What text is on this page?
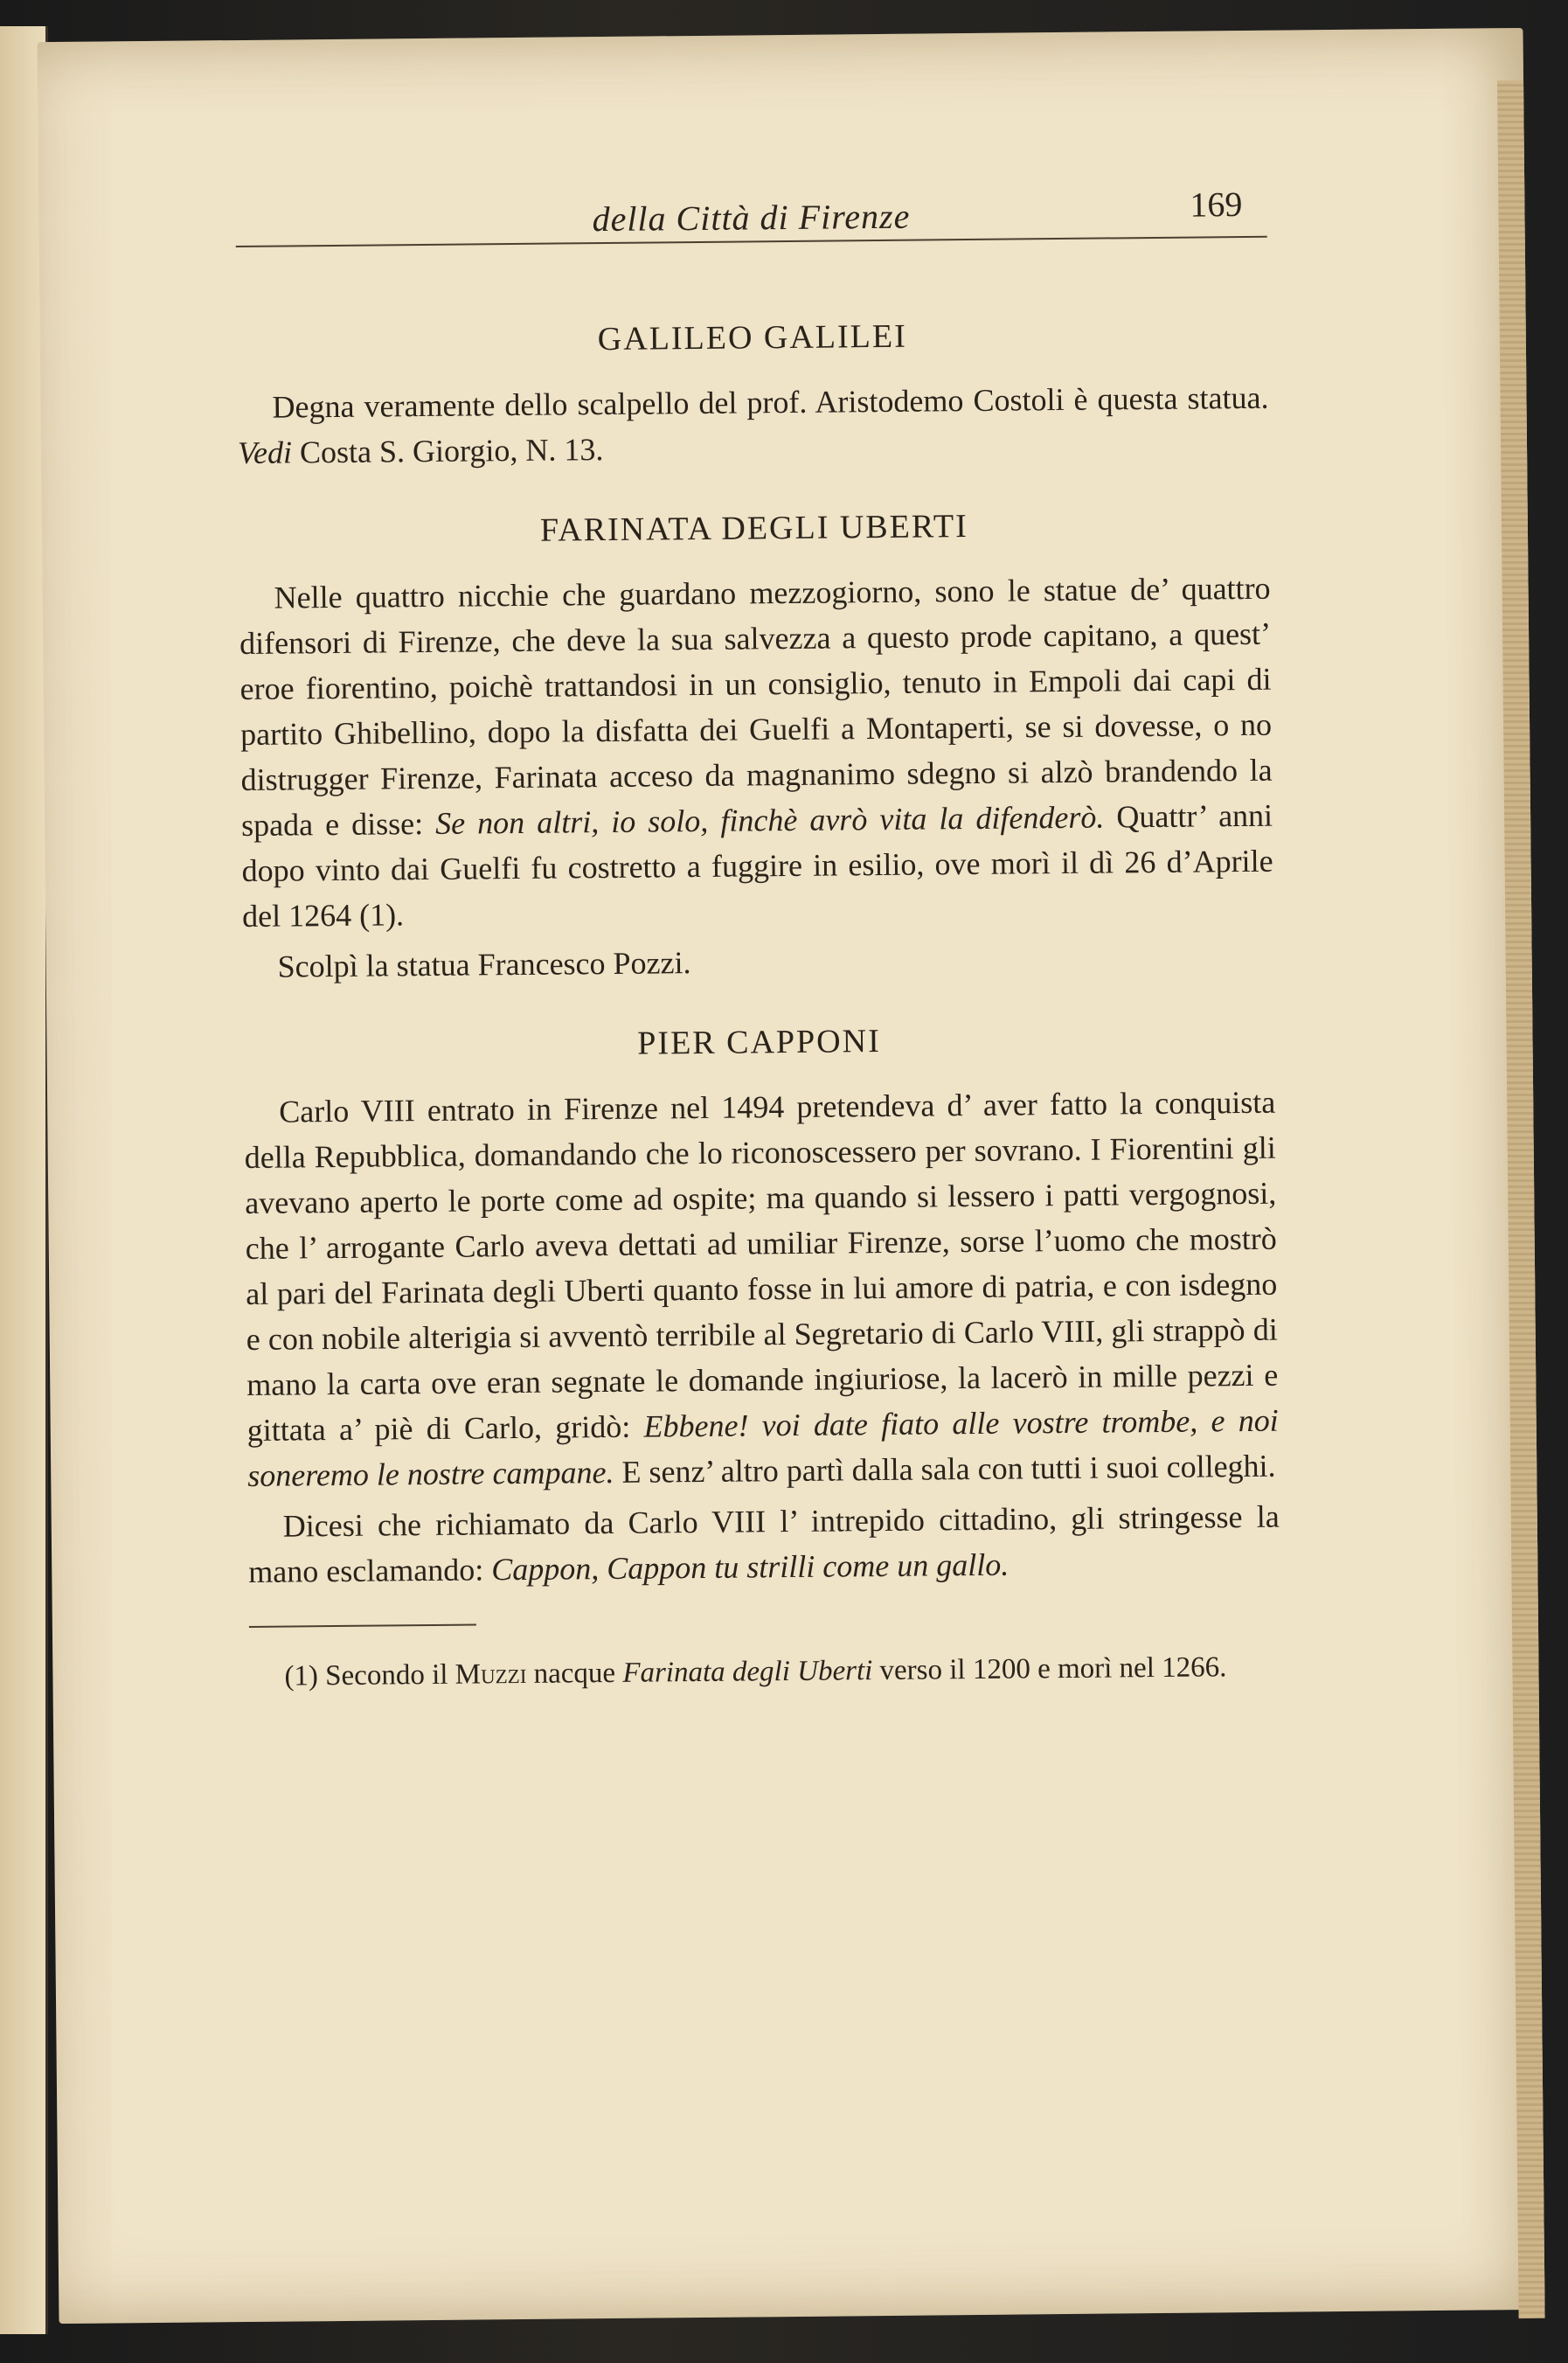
della Città di Firenze	169
GALILEO GALILEI

Degna veramente dello scalpello del prof. Aristodemo Costoli è questa statua. Vedi Costa S. Giorgio, N. 13.

FARINATA DEGLI UBERTI

Nelle quattro nicchie che guardano mezzogiorno, sono le statue de’ quattro difensori di Firenze, che deve la sua salvezza a questo prode capitano, a quest’ eroe fiorentino, poichè trattandosi in un consiglio, tenuto in Empoli dai capi di partito Ghibellino, dopo la disfatta dei Guelfi a Montaperti, se si dovesse, o no distrugger Firenze, Farinata acceso da magnanimo sdegno si alzò brandendo la spada e disse: Se non altri, io solo, finchè avrò vita la difenderò. Quattr’ anni dopo vinto dai Guelfi fu costretto a fuggire in esilio, ove morì il dì 26 d’Aprile del 1264 (1).

Scolpì la statua Francesco Pozzi.

PIER CAPPONI

Carlo VIII entrato in Firenze nel 1494 pretendeva d’ aver fatto la conquista della Repubblica, domandando che lo riconoscessero per sovrano. I Fiorentini gli avevano aperto le porte come ad ospite; ma quando si lessero i patti vergognosi, che l’ arrogante Carlo aveva dettati ad umiliar Firenze, sorse l’uomo che mostrò al pari del Farinata degli Uberti quanto fosse in lui amore di patria, e con isdegno e con nobile alterigia si avventò terribile al Segretario di Carlo VIII, gli strappò di mano la carta ove eran segnate le domande ingiuriose, la lacerò in mille pezzi e gittata a’ piè di Carlo, gridò: Ebbene! voi date fiato alle vostre trombe, e noi soneremo le nostre campane. E senz’ altro partì dalla sala con tutti i suoi colleghi.

Dicesi che richiamato da Carlo VIII l’ intrepido cittadino, gli stringesse la mano esclamando: Cappon, Cappon tu strilli come un gallo.

(1) Secondo il Muzzi nacque Farinata degli Uberti verso il 1200 e morì nel 1266.
